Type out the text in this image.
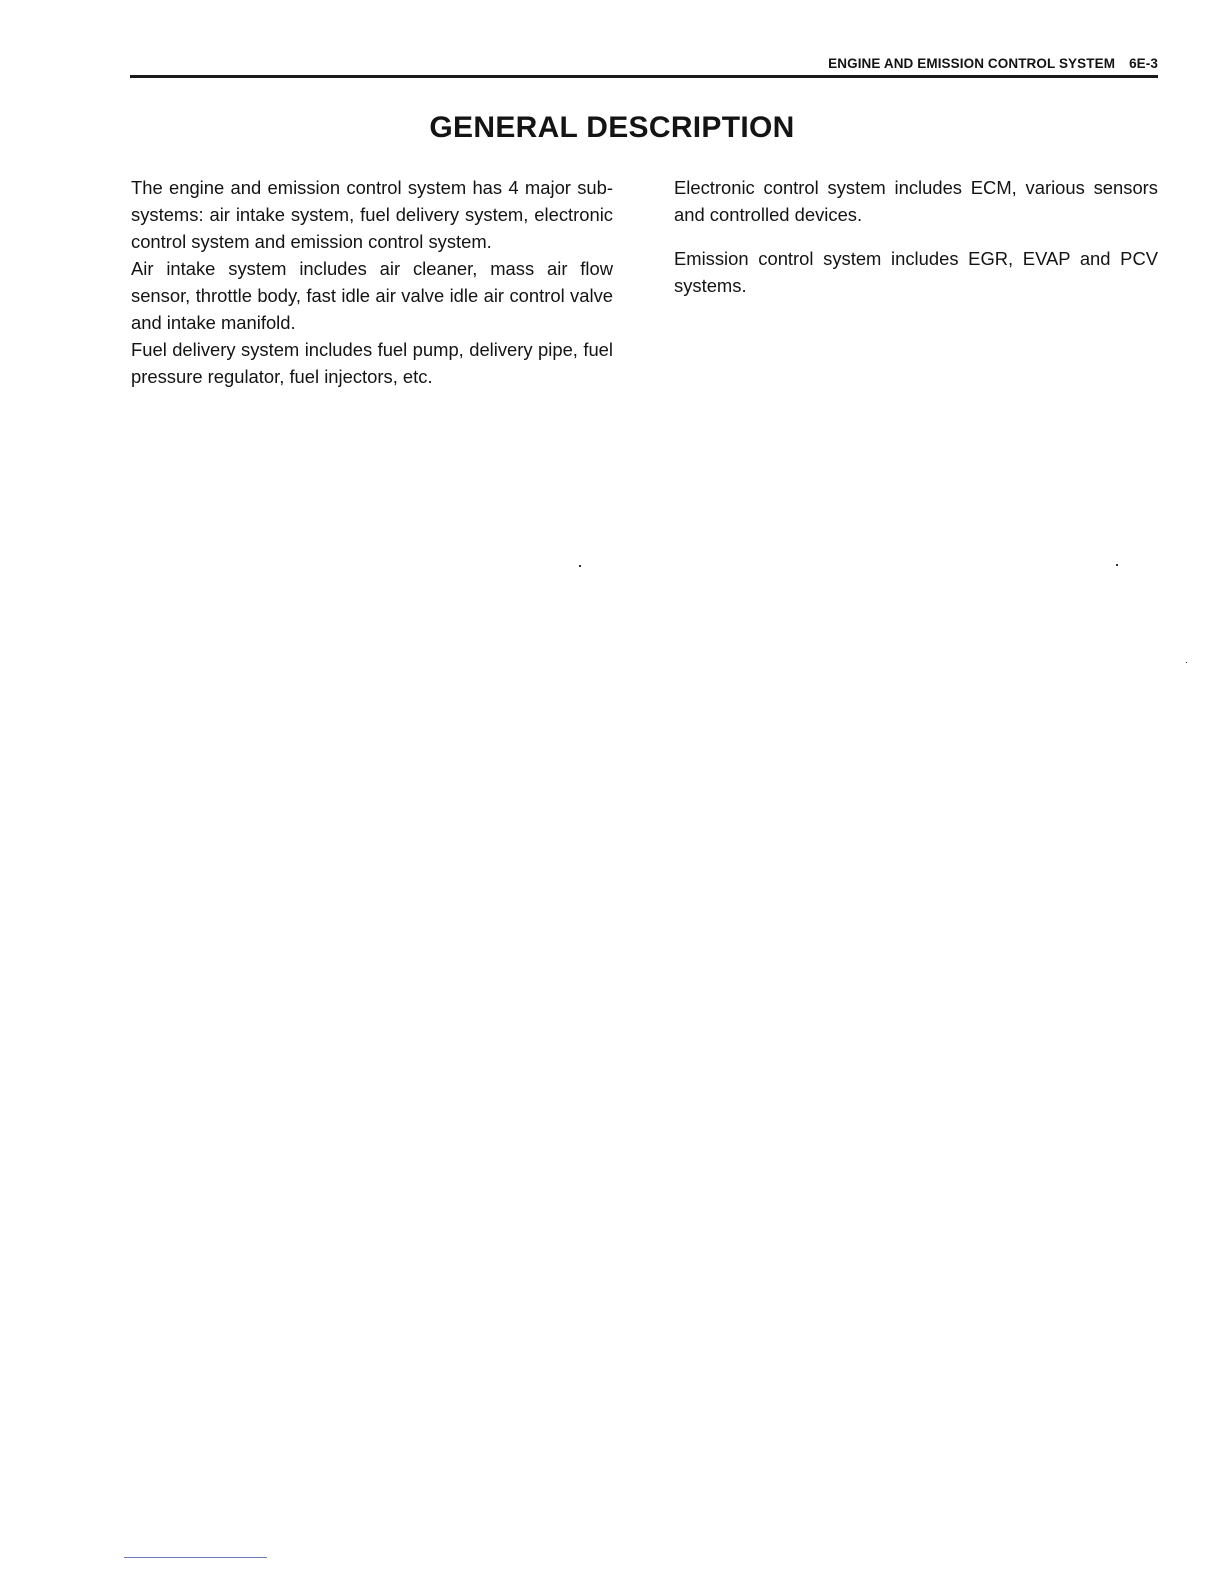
ENGINE AND EMISSION CONTROL SYSTEM 6E-3
GENERAL DESCRIPTION

The engine and emission control system has 4 major sub-systems: air intake system, fuel delivery system, electronic control system and emission control system.

Air intake system includes air cleaner, mass air flow sensor, throttle body, fast idle air valve idle air control valve and intake manifold.

Fuel delivery system includes fuel pump, delivery pipe, fuel pressure regulator, fuel injectors, etc.

Electronic control system includes ECM, various sensors and controlled devices.

Emission control system includes EGR, EVAP and PCV systems.
